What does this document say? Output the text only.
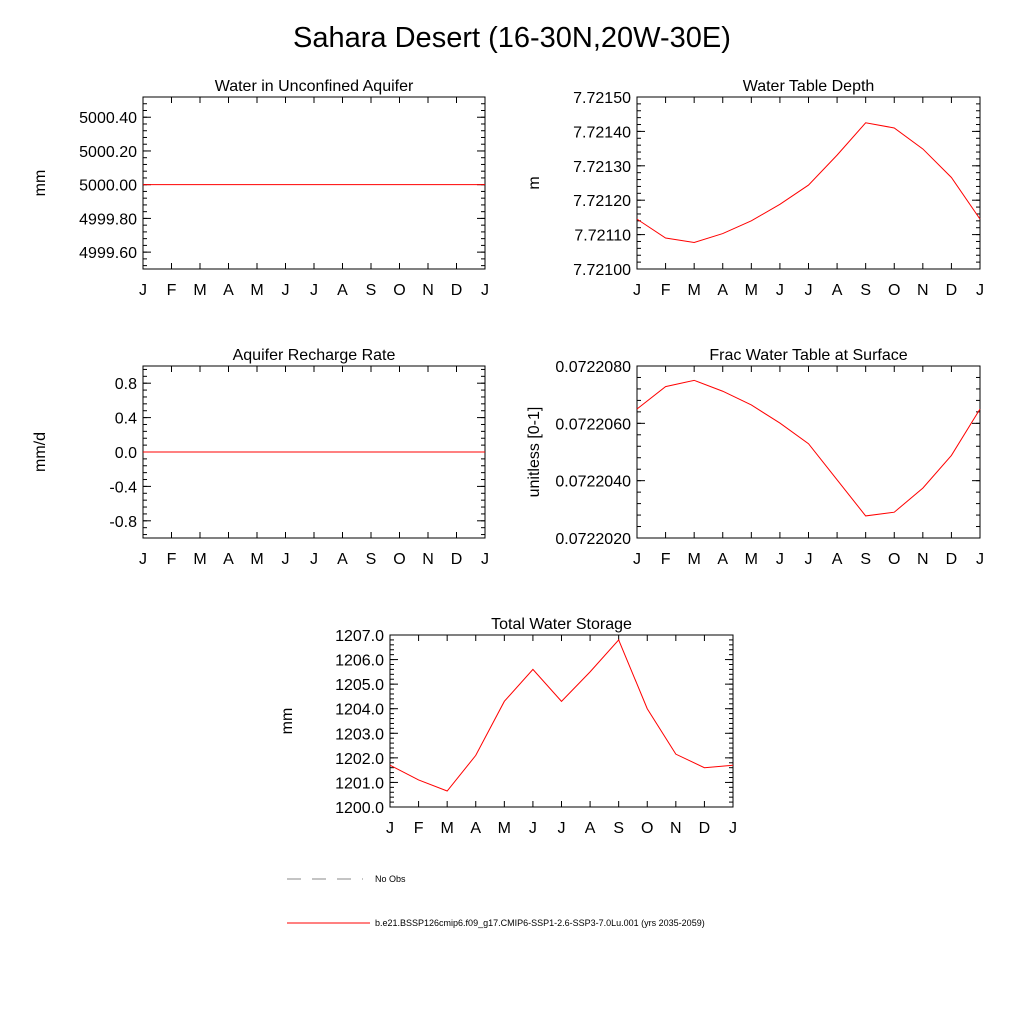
Sahara Desert (16-30N,20W-30E)
Water in Unconfined Aquifer
mm
J F M A M J J A S O N D J
4999.60
4999.80
5000.00
5000.20
5000.40
Water Table Depth
m
J F M A M J J A S O N D J
7.72100
7.72110
7.72120
7.72130
7.72140
7.72150
Aquifer Recharge Rate
mm/d
J F M A M J J A S O N D J
-0.8
-0.4
0.0
0.4
0.8
Frac Water Table at Surface
unitless [0-1]
J F M A M J J A S O N D J
0.0722020
0.0722040
0.0722060
0.0722080
Total Water Storage
mm
J F M A M J J A S O N D J
1200.0
1201.0
1202.0
1203.0
1204.0
1205.0
1206.0
1207.0
No Obs
b.e21.BSSP126cmip6.f09_g17.CMIP6-SSP1-2.6-SSP3-7.0Lu.001 (yrs 2035-2059)
